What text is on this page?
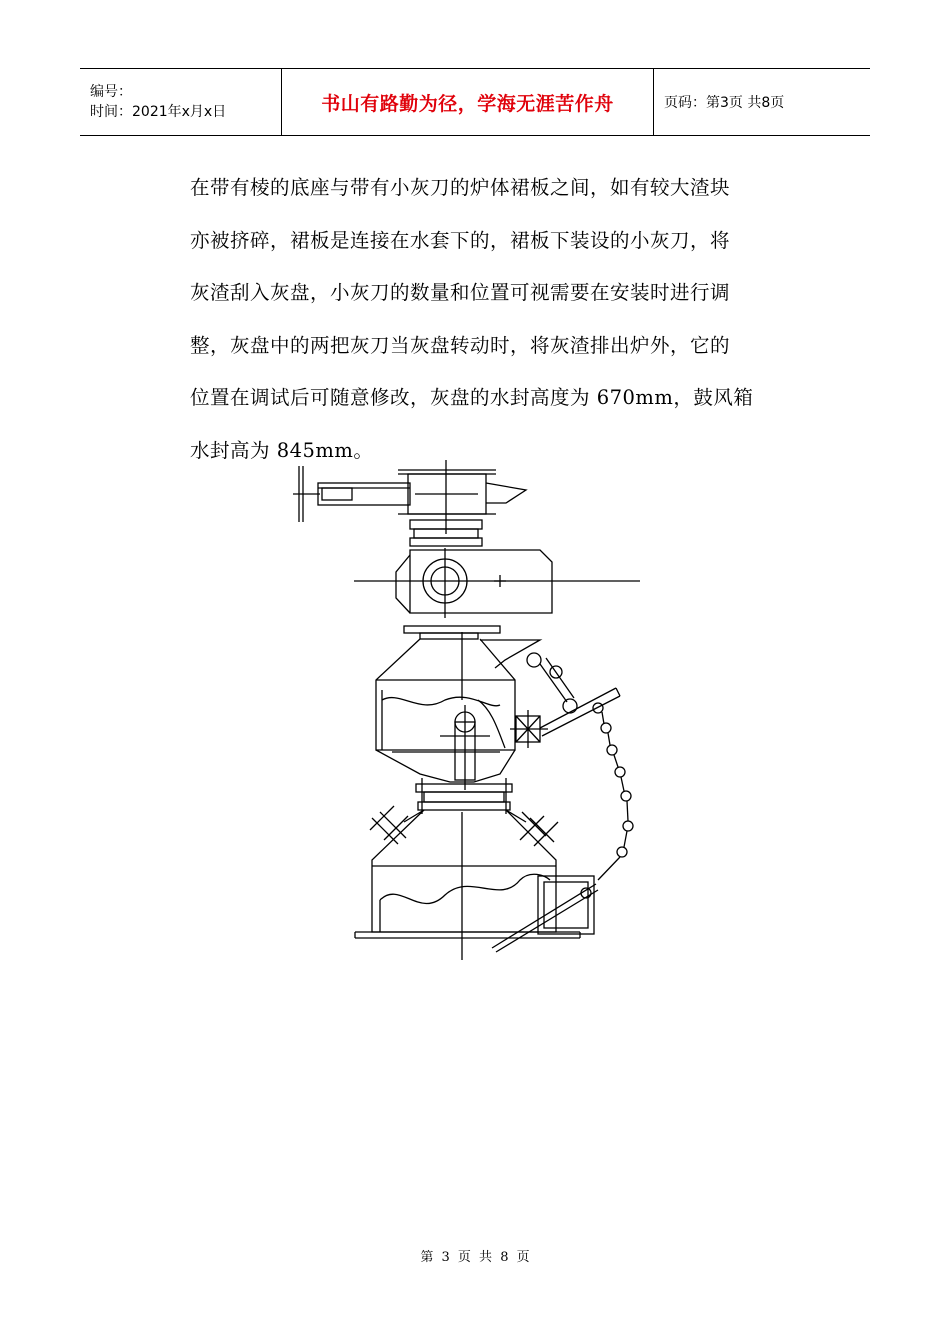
编号：
时间：2021年x月x日	书山有路勤为径，学海无涯苦作舟	页码：第3页 共8页
在带有棱的底座与带有小灰刀的炉体裙板之间，如有较大渣块
亦被挤碎，裙板是连接在水套下的，裙板下装设的小灰刀，将
灰渣刮入灰盘，小灰刀的数量和位置可视需要在安装时进行调
整，灰盘中的两把灰刀当灰盘转动时，将灰渣排出炉外，它的
位置在调试后可随意修改，灰盘的水封高度为 670mm，鼓风箱
水封高为 845mm。
第 3 页 共 8 页
